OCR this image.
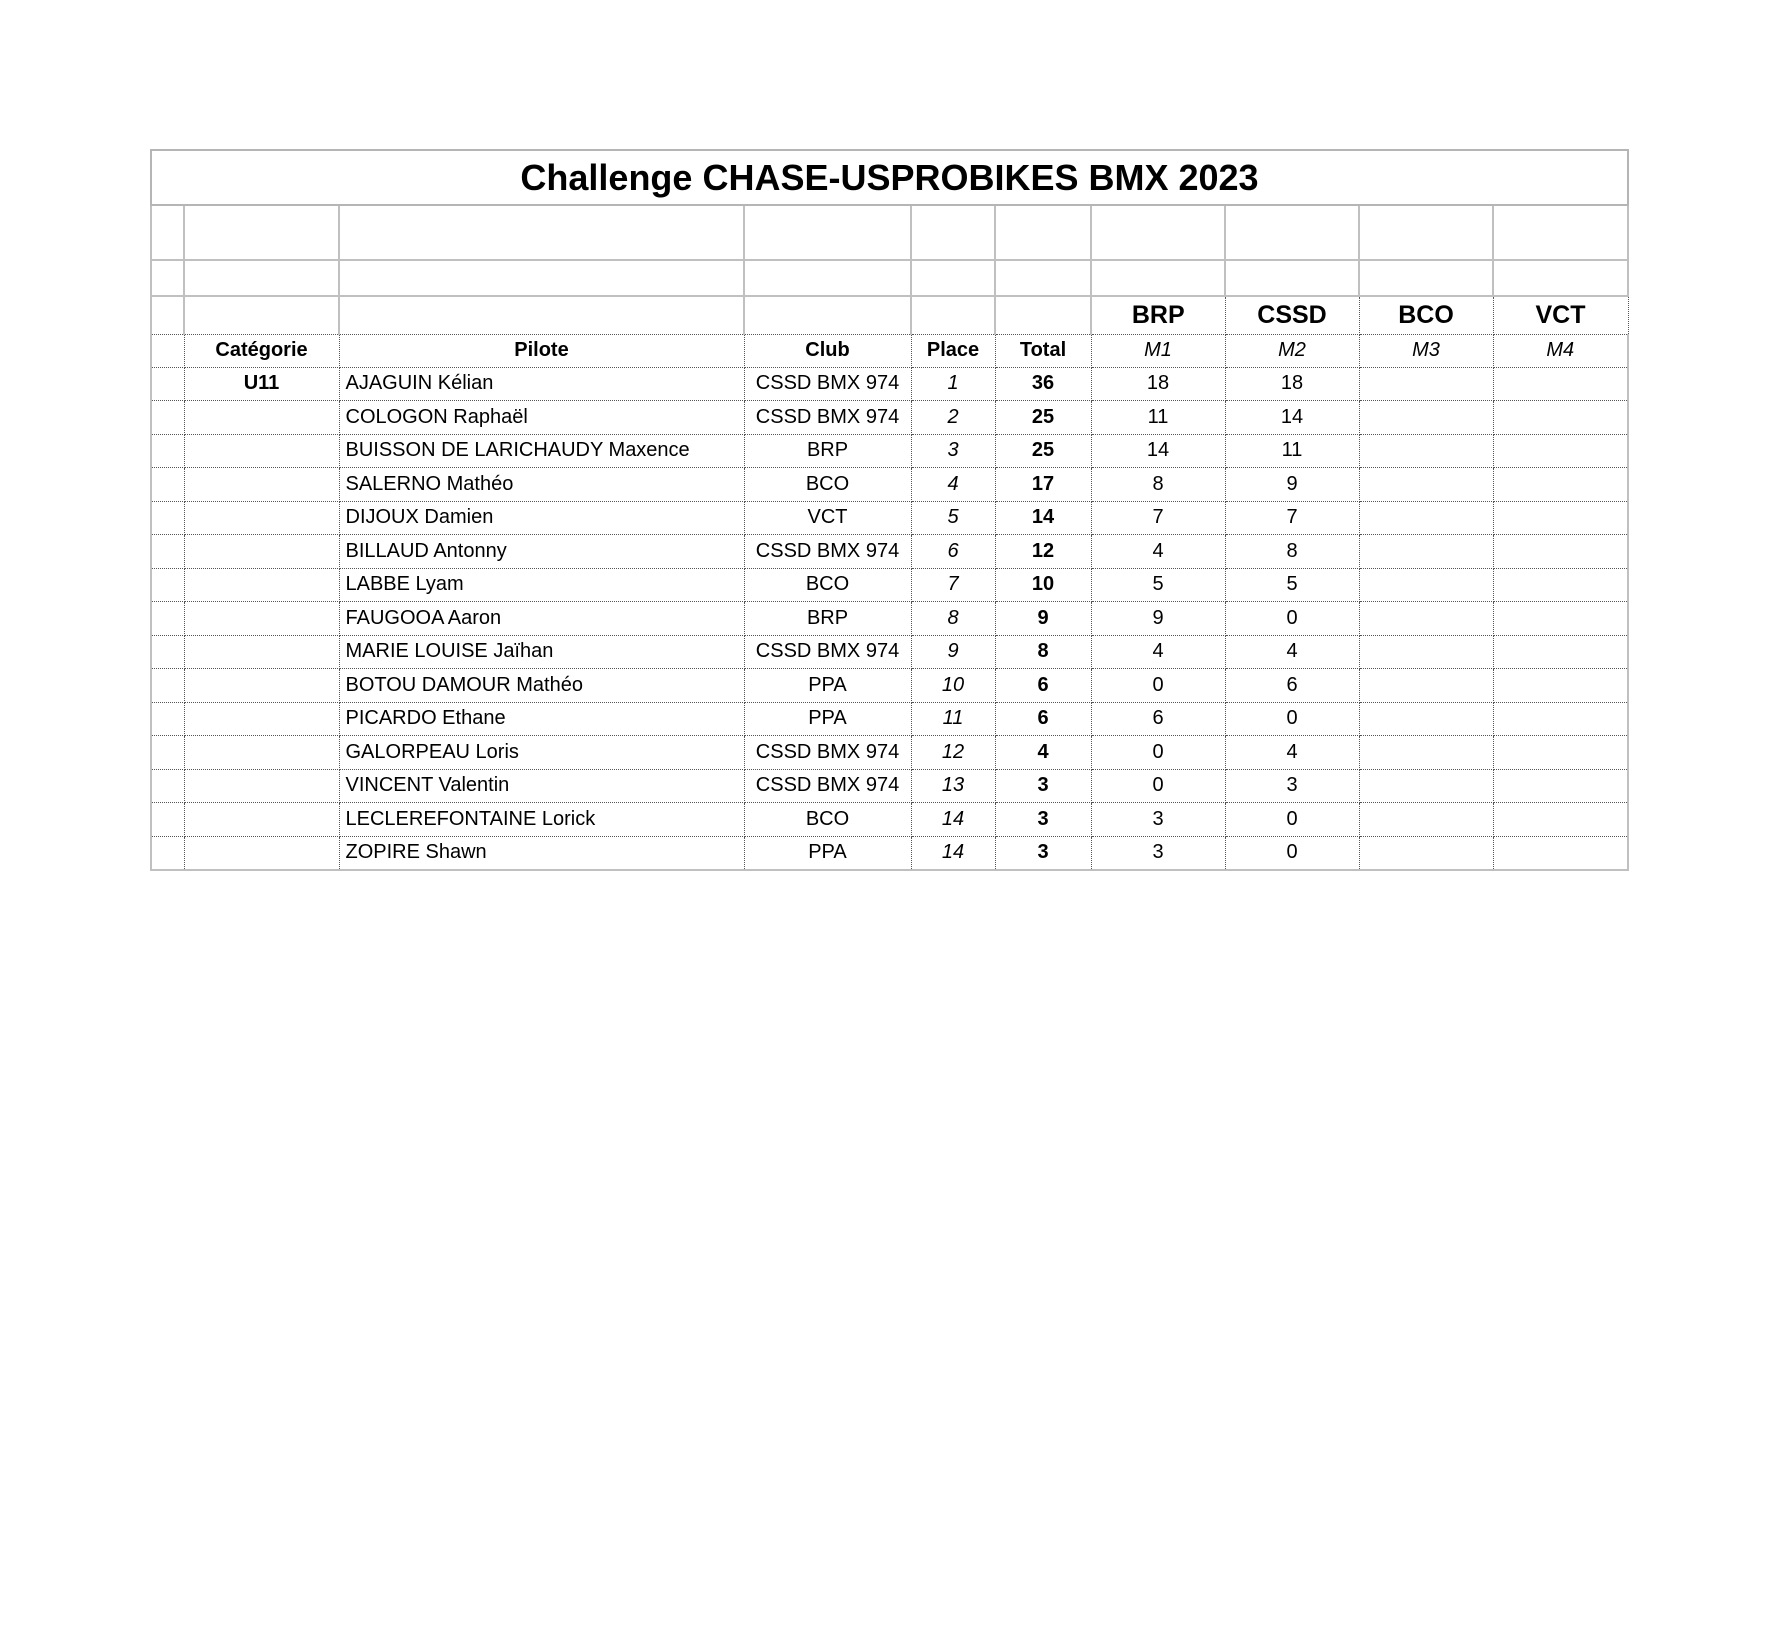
Challenge CHASE-USPROBIKES BMX 2023									

						BRP	CSSD	BCO	VCT
	Catégorie	Pilote	Club	Place	Total	M1	M2	M3	M4
	U11	AJAGUIN Kélian	CSSD BMX 974	1	36	18	18		
		COLOGON Raphaël	CSSD BMX 974	2	25	11	14		
		BUISSON DE LARICHAUDY Maxence	BRP	3	25	14	11		
		SALERNO Mathéo	BCO	4	17	8	9		
		DIJOUX Damien	VCT	5	14	7	7		
		BILLAUD Antonny	CSSD BMX 974	6	12	4	8		
		LABBE Lyam	BCO	7	10	5	5		
		FAUGOOA Aaron	BRP	8	9	9	0		
		MARIE LOUISE Jaïhan	CSSD BMX 974	9	8	4	4		
		BOTOU DAMOUR Mathéo	PPA	10	6	0	6		
		PICARDO Ethane	PPA	11	6	6	0		
		GALORPEAU Loris	CSSD BMX 974	12	4	0	4		
		VINCENT Valentin	CSSD BMX 974	13	3	0	3		
		LECLEREFONTAINE Lorick	BCO	14	3	3	0		
		ZOPIRE Shawn	PPA	14	3	3	0		
